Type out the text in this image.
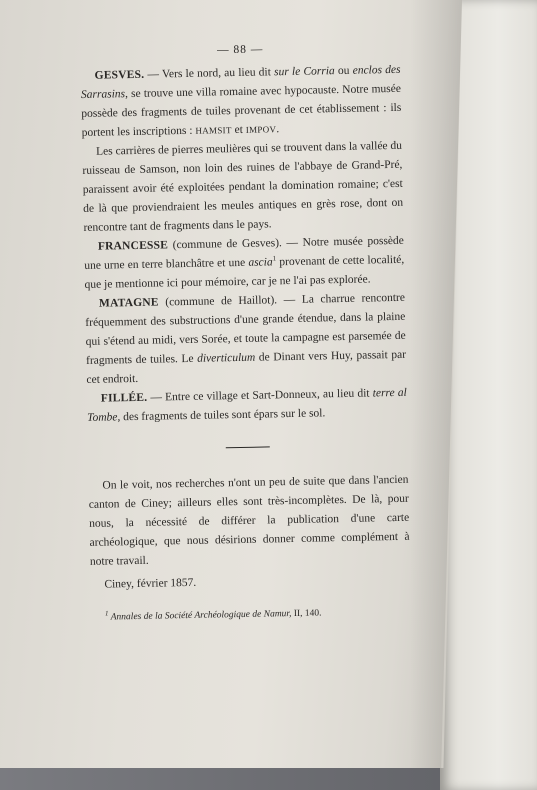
— 88 —

GESVES. — Vers le nord, au lieu dit sur le Corria ou enclos des Sarrasins, se trouve une villa romaine avec hypocauste. Notre musée possède des fragments de tuiles provenant de cet établissement : ils portent les inscriptions : HAMSIT et IMPOV.

Les carrières de pierres meulières qui se trouvent dans la vallée du ruisseau de Samson, non loin des ruines de l'abbaye de Grand-Pré, paraissent avoir été exploitées pendant la domination romaine; c'est de là que proviendraient les meules antiques en grès rose, dont on rencontre tant de fragments dans le pays.

FRANCESSE (commune de Gesves). — Notre musée possède une urne en terre blanchâtre et une ascia$^1$ provenant de cette localité, que je mentionne ici pour mémoire, car je ne l'ai pas explorée.

MATAGNE (commune de Haillot). — La charrue rencontre fréquemment des substructions d'une grande étendue, dans la plaine qui s'étend au midi, vers Sorée, et toute la campagne est parsemée de fragments de tuiles. Le diverticulum de Dinant vers Huy, passait par cet endroit.

FILLÉE. — Entre ce village et Sart-Donneux, au lieu dit terre al Tombe, des fragments de tuiles sont épars sur le sol.

On le voit, nos recherches n'ont un peu de suite que dans l'ancien canton de Ciney; ailleurs elles sont très-incomplètes. De là, pour nous, la nécessité de différer la publication d'une carte archéologique, que nous désirions donner comme complément à notre travail.

Ciney, février 1857.

$^1$ Annales de la Société Archéologique de Namur, II, 140.
